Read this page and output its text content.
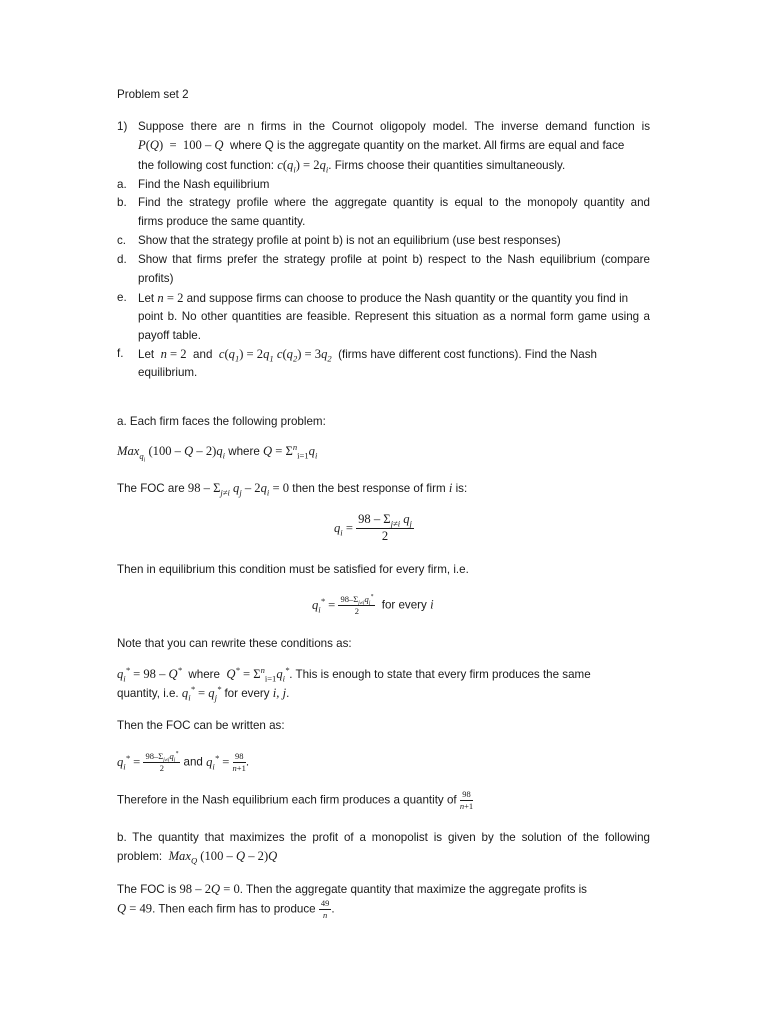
Problem set 2
1) Suppose there are n firms in the Cournot oligopoly model. The inverse demand function is
P(Q)  =  100 – Q where Q is the aggregate quantity on the market. All firms are equal and face
the following cost function: $c(q_i) = 2q_i$. Firms choose their quantities simultaneously.
a. Find the Nash equilibrium
b. Find the strategy profile where the aggregate quantity is equal to the monopoly quantity and
firms produce the same quantity.
c. Show that the strategy profile at point b) is not an equilibrium (use best responses)
d. Show that firms prefer the strategy profile at point b) respect to the Nash equilibrium (compare
profits)
e. Let n = 2 and suppose firms can choose to produce the Nash quantity or the quantity you find in
point b. No other quantities are feasible. Represent this situation as a normal form game using a
payoff table.
f. Let n = 2 and $c(q_1) = 2q_1$ $c(q_2) = 3q_2$ (firms have different cost functions). Find the Nash
equilibrium.
a. Each firm faces the following problem:
Max$_{q_i}$ (100 – Q – $2)q_i$ where $Q = \Sigma^n_{i=1}q_i$
The FOC are $98 - \Sigma_{j\ne i}$ $q_j - 2q_i = 0$ then the best response of firm i is:
$q_i = \frac{98 - \Sigma_{j\ne i} q_j}{2}$
Then in equilibrium this condition must be satisfied for every firm, i.e.
$q_i^* = \frac{98-\Sigma_{j\ne i}q_j^*}{2}$ for every i
Note that you can rewrite these conditions as:
$q_i^* = 98 - Q^*$ where $Q^* = \Sigma^n_{i=1}q_i^*$. This is enough to state that every firm produces the same
quantity, i.e. $q_i^* = q_j^*$ for every i, j.
Then the FOC can be written as:
$q_i^* = \frac{98-\Sigma_{j\ne i}q_i^*}{2}$ and $q_i^* = \frac{98}{n+1}$ .
Therefore in the Nash equilibrium each firm produces a quantity of $\frac{98}{n+1}$
b. The quantity that maximizes the profit of a monopolist is given by the solution of the following
problem: Max$_Q$ (100 – Q – 2)Q
The FOC is 98 – 2Q = 0. Then the aggregate quantity that maximize the aggregate profits is
Q = 49. Then each firm has to produce $\frac{49}{n}$ .
